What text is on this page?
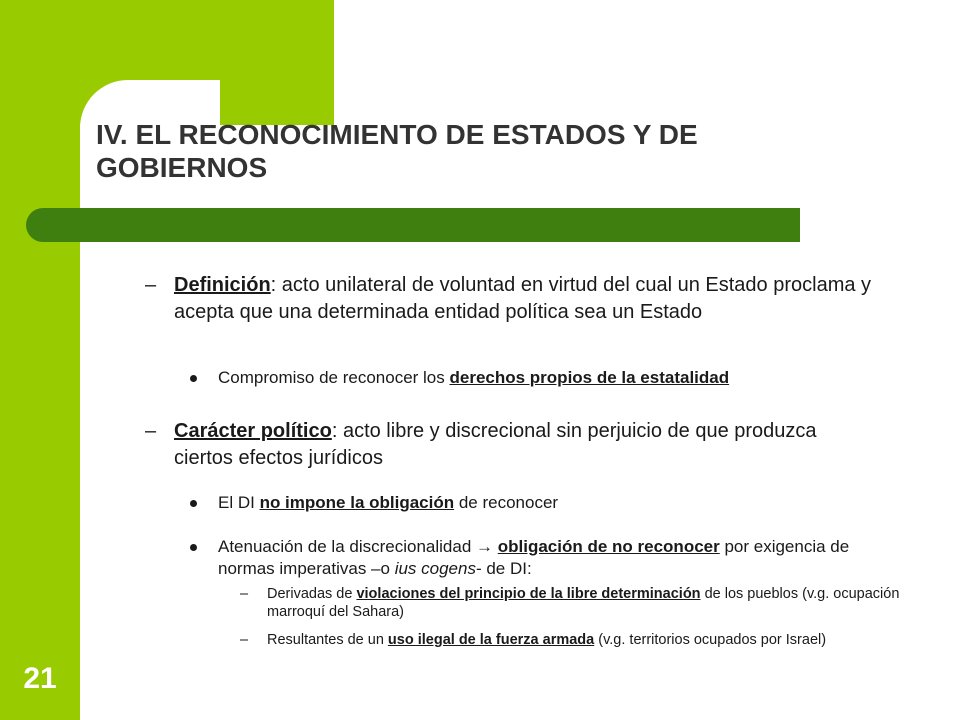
21
IV. EL RECONOCIMIENTO DE ESTADOS Y DE GOBIERNOS
– Definición: acto unilateral de voluntad en virtud del cual un Estado proclama y acepta que una determinada entidad política sea un Estado
Compromiso de reconocer los derechos propios de la estatalidad
– Carácter político: acto libre y discrecional sin perjuicio de que produzca ciertos efectos jurídicos
El DI no impone la obligación de reconocer
Atenuación de la discrecionalidad → obligación de no reconocer por exigencia de normas imperativas –o ius cogens- de DI:
– Derivadas de violaciones del principio de la libre determinación de los pueblos (v.g. ocupación marroquí del Sahara)
– Resultantes de un uso ilegal de la fuerza armada (v.g. territorios ocupados por Israel)
